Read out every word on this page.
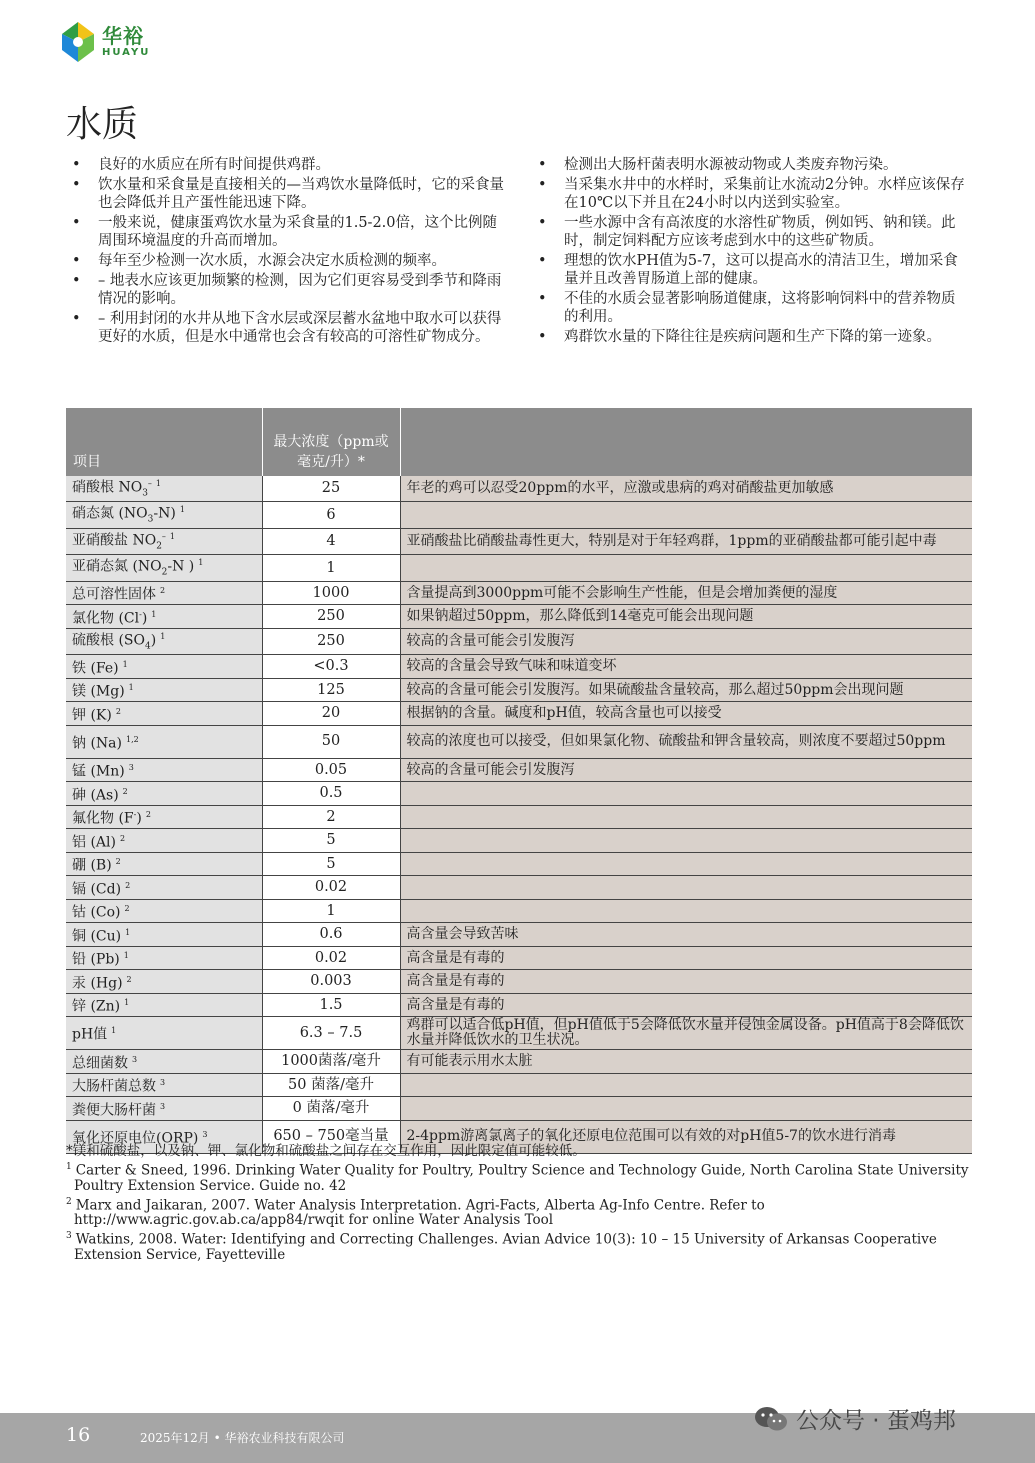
华裕
HUAYU
水质
• 良好的水质应在所有时间提供鸡群。
• 饮水量和采食量是直接相关的—当鸡饮水量降低时，它的采食量也会降低并且产蛋性能迅速下降。
• 一般来说，健康蛋鸡饮水量为采食量的1.5-2.0倍，这个比例随周围环境温度的升高而增加。
• 每年至少检测一次水质，水源会决定水质检测的频率。
• – 地表水应该更加频繁的检测，因为它们更容易受到季节和降雨情况的影响。
• – 利用封闭的水井从地下含水层或深层蓄水盆地中取水可以获得更好的水质，但是水中通常也会含有较高的可溶性矿物成分。
• 检测出大肠杆菌表明水源被动物或人类废弃物污染。
• 当采集水井中的水样时，采集前让水流动2分钟。水样应该保存在10℃以下并且在24小时以内送到实验室。
• 一些水源中含有高浓度的水溶性矿物质，例如钙、钠和镁。此时，制定饲料配方应该考虑到水中的这些矿物质。
• 理想的饮水PH值为5-7，这可以提高水的清洁卫生，增加采食量并且改善胃肠道上部的健康。
• 不佳的水质会显著影响肠道健康，这将影响饲料中的营养物质的利用。
• 鸡群饮水量的下降往往是疾病问题和生产下降的第一迹象。
项目	最大浓度（ppm或毫克/升）*	
硝酸根 $NO_3^-$ $^1$	25	年老的鸡可以忍受20ppm的水平，应激或患病的鸡对硝酸盐更加敏感
硝态氮 $(NO_3-N)$ $^1$	6	
亚硝酸盐 $NO_2^-$ $^1$	4	亚硝酸盐比硝酸盐毒性更大，特别是对于年轻鸡群，1ppm的亚硝酸盐都可能引起中毒
亚硝态氮 ($NO_2-N$ ) $^1$	1	
总可溶性固体 $^2$	1000	含量提高到3000ppm可能不会影响生产性能，但是会增加粪便的湿度
氯化物 (Cl-) $^1$	250	如果钠超过50ppm，那么降低到14毫克可能会出现问题
硫酸根 $(SO_4)$ $^1$	250	较高的含量可能会引发腹泻
铁 (Fe) $^1$	<0.3	较高的含量会导致气味和味道变坏
镁 (Mg) $^1$	125	较高的含量可能会引发腹泻。如果硫酸盐含量较高，那么超过50ppm会出现问题
钾 (K) $^2$	20	根据钠的含量。碱度和pH值，较高含量也可以接受
钠 (Na) $^{1,2}$	50	较高的浓度也可以接受，但如果氯化物、硫酸盐和钾含量较高，则浓度不要超过50ppm
锰 (Mn) $^3$	0.05	较高的含量可能会引发腹泻
砷 (As) $^2$	0.5	
氟化物 (F-) $^2$	2	
铝 (Al) $^2$	5	
硼 (B) $^2$	5	
镉 (Cd) $^2$	0.02	
钴 (Co) $^2$	1	
铜 (Cu) $^1$	0.6	高含量会导致苦味
铅 (Pb) $^1$	0.02	高含量是有毒的
汞 (Hg) $^2$	0.003	高含量是有毒的
锌 (Zn) $^1$	1.5	高含量是有毒的
pH值 $^1$	6.3 – 7.5	鸡群可以适合低pH值，但pH值低于5会降低饮水量并侵蚀金属设备。pH值高于8会降低饮水量并降低饮水的卫生状况。
总细菌数 $^3$	1000菌落/毫升	有可能表示用水太脏
大肠杆菌总数 $^3$	50 菌落/毫升	
粪便大肠杆菌 $^3$	0 菌落/毫升	
氧化还原电位(ORP) $^3$	650 – 750毫当量	2-4ppm游离氯离子的氧化还原电位范围可以有效的对pH值5-7的饮水进行消毒

*镁和硫酸盐，以及钠、钾、氯化物和硫酸盐之间存在交互作用，因此限定值可能较低。

$^1$ Carter & Sneed, 1996. Drinking Water Quality for Poultry, Poultry Science and Technology Guide, North Carolina State University Poultry Extension Service. Guide no. 42

$^2$ Marx and Jaikaran, 2007. Water Analysis Interpretation. Agri-Facts, Alberta Ag-Info Centre. Refer to http://www.agric.gov.ab.ca/app84/rwqit for online Water Analysis Tool

$^3$ Watkins, 2008. Water: Identifying and Correcting Challenges. Avian Advice 10(3): 10 – 15 University of Arkansas Cooperative Extension Service, Fayetteville

16	2025年12月 • 华裕农业科技有限公司
公众号 · 蛋鸡邦
